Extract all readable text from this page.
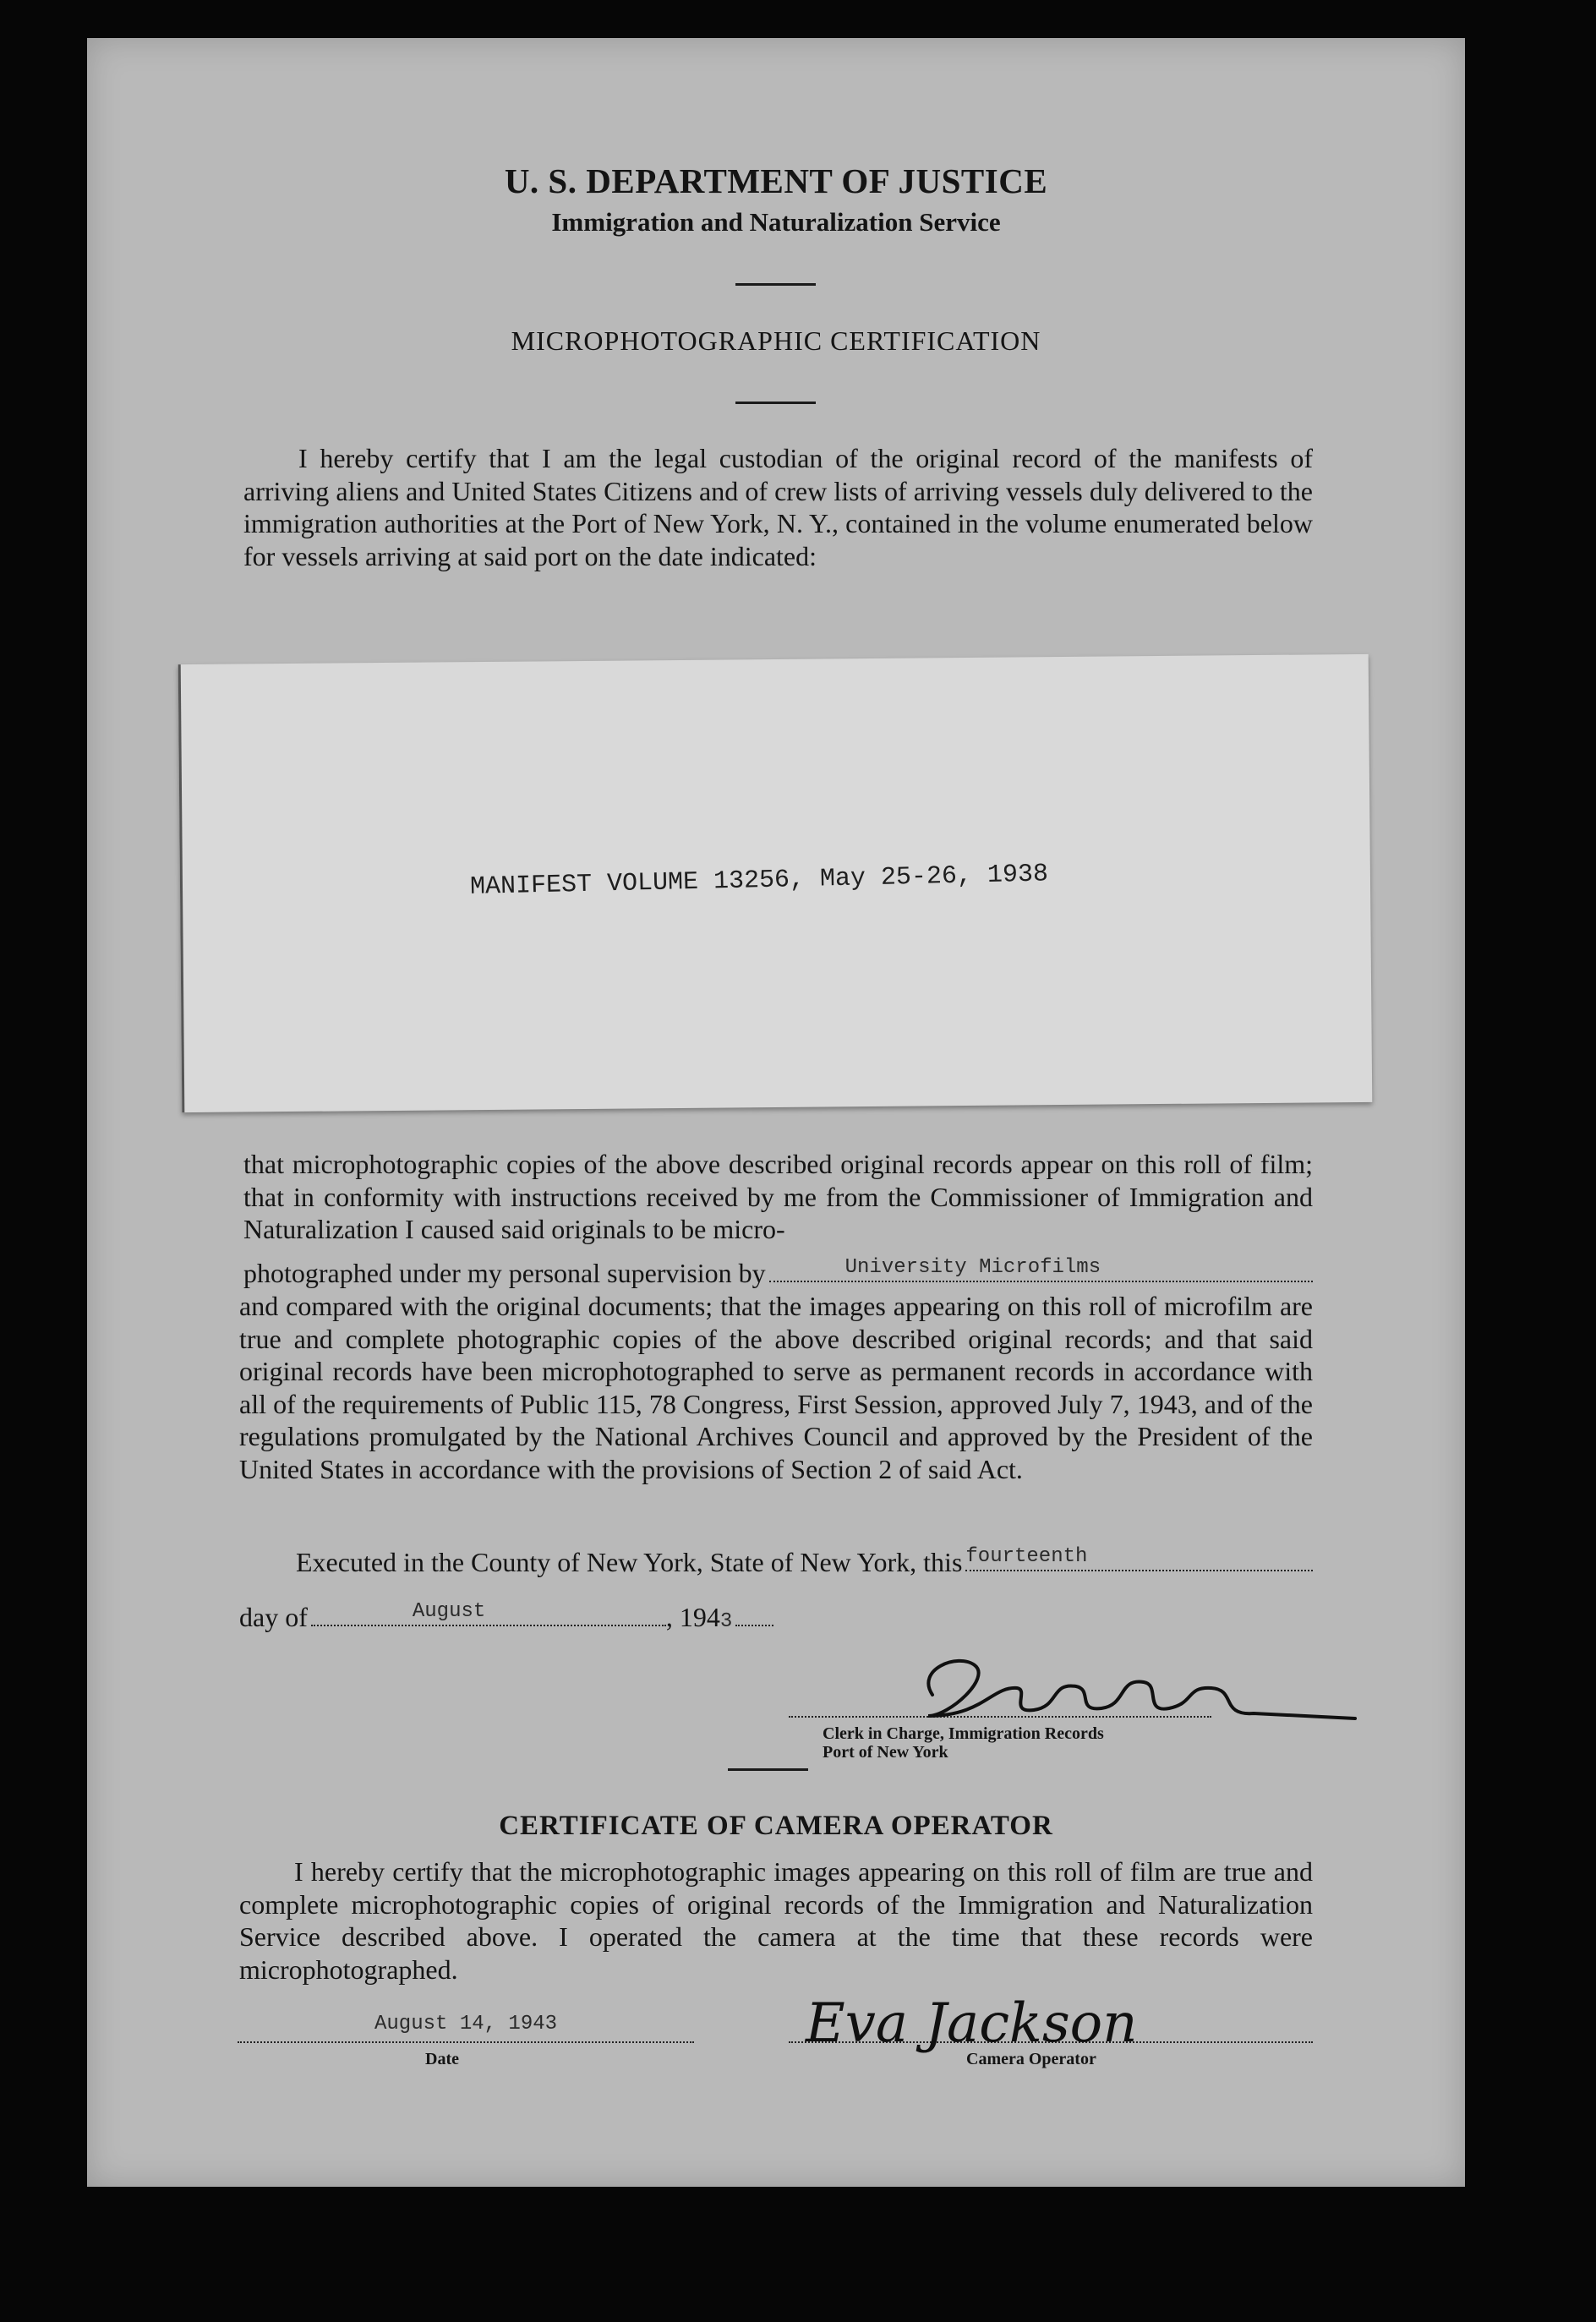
U. S. DEPARTMENT OF JUSTICE
Immigration and Naturalization Service
MICROPHOTOGRAPHIC CERTIFICATION
I hereby certify that I am the legal custodian of the original record of the manifests of arriving aliens and United States Citizens and of crew lists of arriving vessels duly delivered to the immigration authorities at the Port of New York, N. Y., contained in the volume enumerated below for vessels arriving at said port on the date indicated:
MANIFEST VOLUME 13256, May 25-26, 1938
that microphotographic copies of the above described original records appear on this roll of film; that in conformity with instructions received by me from the Commissioner of Immigration and Naturalization I caused said originals to be micro-
photographed under my personal supervision by	University Microfilms
and compared with the original documents; that the images appearing on this roll of microfilm are true and complete photographic copies of the above described original records; and that said original records have been microphotographed to serve as permanent records in accordance with all of the requirements of Public 115, 78 Congress, First Session, approved July 7, 1943, and of the regulations promulgated by the National Archives Council and approved by the President of the United States in accordance with the provisions of Section 2 of said Act.
Executed in the County of New York, State of New York, this fourteenth
day of	August	, 194 3
Clerk in Charge, Immigration Records
Port of New York
CERTIFICATE OF CAMERA OPERATOR
I hereby certify that the microphotographic images appearing on this roll of film are true and complete microphotographic copies of original records of the Immigration and Naturalization Service described above. I operated the camera at the time that these records were microphotographed.
August 14, 1943
Date
Eva Jackson
Camera Operator
